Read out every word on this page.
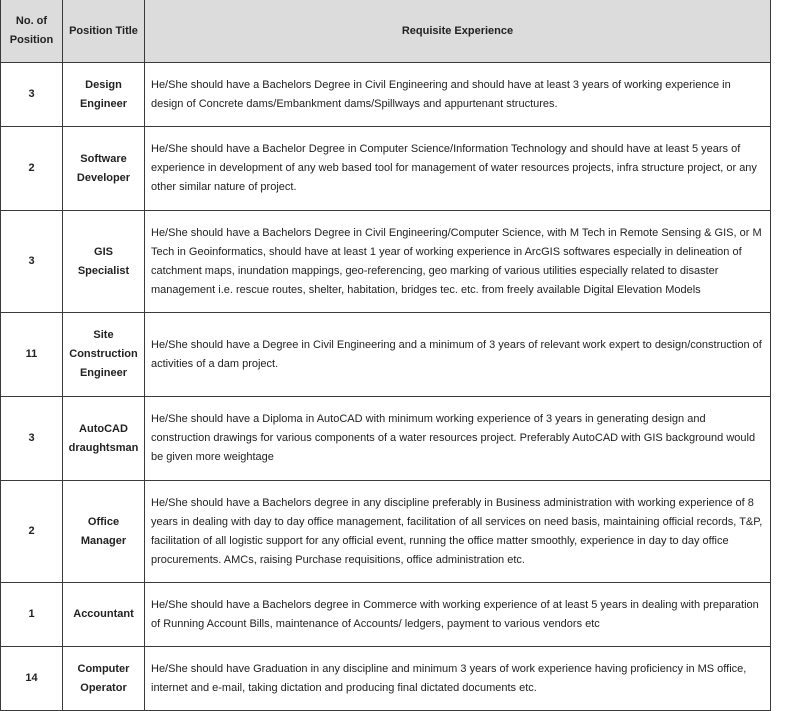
No. of Position	Position Title	Requisite Experience
3	Design Engineer	He/She should have a Bachelors Degree in Civil Engineering and should have at least 3 years of working experience in design of Concrete dams/Embankment dams/Spillways and appurtenant structures.
2	Software Developer	He/She should have a Bachelor Degree in Computer Science/Information Technology and should have at least 5 years of experience in development of any web based tool for management of water resources projects, infra structure project, or any other similar nature of project.
3	GIS Specialist	He/She should have a Bachelors Degree in Civil Engineering/Computer Science, with M Tech in Remote Sensing & GIS, or M Tech in Geoinformatics, should have at least 1 year of working experience in ArcGIS softwares especially in delineation of catchment maps, inundation mappings, geo-referencing, geo marking of various utilities especially related to disaster management i.e. rescue routes, shelter, habitation, bridges tec. etc. from freely available Digital Elevation Models
11	Site Construction Engineer	He/She should have a Degree in Civil Engineering and a minimum of 3 years of relevant work expert to design/construction of activities of a dam project.
3	AutoCAD draughtsman	He/She should have a Diploma in AutoCAD with minimum working experience of 3 years in generating design and construction drawings for various components of a water resources project. Preferably AutoCAD with GIS background would be given more weightage
2	Office Manager	He/She should have a Bachelors degree in any discipline preferably in Business administration with working experience of 8 years in dealing with day to day office management, facilitation of all services on need basis, maintaining official records, T&P, facilitation of all logistic support for any official event, running the office matter smoothly, experience in day to day office procurements. AMCs, raising Purchase requisitions, office administration etc.
1	Accountant	He/She should have a Bachelors degree in Commerce with working experience of at least 5 years in dealing with preparation of Running Account Bills, maintenance of Accounts/ ledgers, payment to various vendors etc
14	Computer Operator	He/She should have Graduation in any discipline and minimum 3 years of work experience having proficiency in MS office, internet and e-mail, taking dictation and producing final dictated documents etc.
